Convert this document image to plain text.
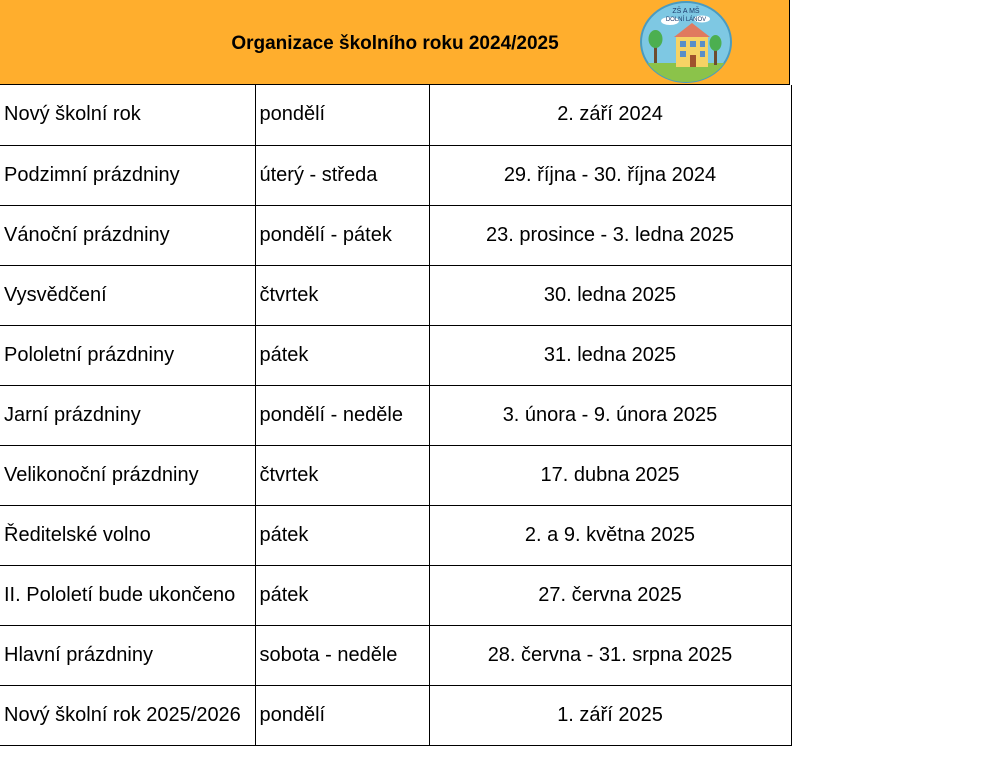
Organizace školního roku 2024/2025
ZŠ A MŠ
DOLNÍ LÁNOV
Nový školní rok	pondělí	2. září 2024
Podzimní prázdniny	úterý - středa	29. října - 30. října 2024
Vánoční prázdniny	pondělí - pátek	23. prosince - 3. ledna 2025
Vysvědčení	čtvrtek	30. ledna 2025
Pololetní prázdniny	pátek	31. ledna 2025
Jarní prázdniny	pondělí - neděle	3. února - 9. února 2025
Velikonoční prázdniny	čtvrtek	17. dubna 2025
Ředitelské volno	pátek	2. a 9. května 2025
II. Pololetí bude ukončeno	pátek	27. června 2025
Hlavní prázdniny	sobota - neděle	28. června - 31. srpna 2025
Nový školní rok 2025/2026	pondělí	1. září 2025
